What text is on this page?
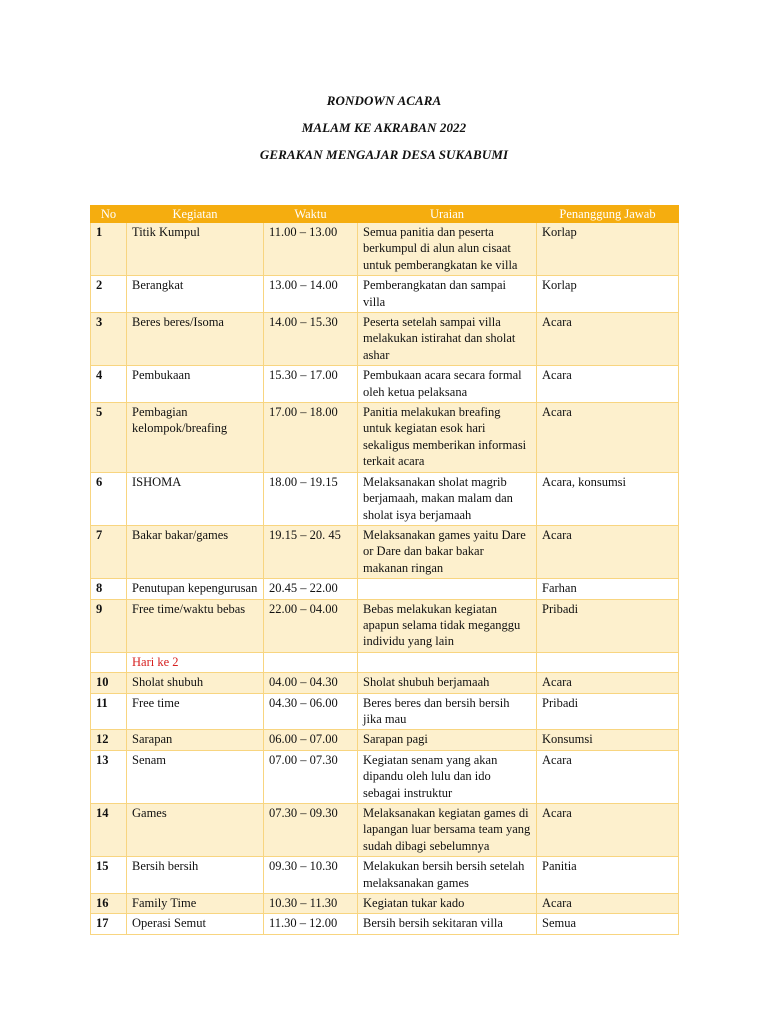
RONDOWN ACARA
MALAM KE AKRABAN 2022
GERAKAN MENGAJAR DESA SUKABUMI
No	Kegiatan	Waktu	Uraian	Penanggung Jawab
1	Titik Kumpul	11.00 – 13.00	Semua panitia dan peserta berkumpul di alun alun cisaat untuk pemberangkatan ke villa	Korlap
2	Berangkat	13.00 – 14.00	Pemberangkatan dan sampai villa	Korlap
3	Beres beres/Isoma	14.00 – 15.30	Peserta setelah sampai villa melakukan istirahat dan sholat ashar	Acara
4	Pembukaan	15.30 – 17.00	Pembukaan acara secara formal oleh ketua pelaksana	Acara
5	Pembagian kelompok/breafing	17.00 – 18.00	Panitia melakukan breafing untuk kegiatan esok hari sekaligus memberikan informasi terkait acara	Acara
6	ISHOMA	18.00 – 19.15	Melaksanakan sholat magrib berjamaah, makan malam dan sholat isya berjamaah	Acara, konsumsi
7	Bakar bakar/games	19.15 – 20. 45	Melaksanakan games yaitu Dare or Dare dan bakar bakar makanan ringan	Acara
8	Penutupan kepengurusan	20.45 – 22.00		Farhan
9	Free time/waktu bebas	22.00 – 04.00	Bebas melakukan kegiatan apapun selama tidak meganggu individu yang lain	Pribadi
	Hari ke 2			
10	Sholat shubuh	04.00 – 04.30	Sholat shubuh berjamaah	Acara
11	Free time	04.30 – 06.00	Beres beres dan bersih bersih jika mau	Pribadi
12	Sarapan	06.00 – 07.00	Sarapan pagi	Konsumsi
13	Senam	07.00 – 07.30	Kegiatan senam yang akan dipandu oleh lulu dan ido sebagai instruktur	Acara
14	Games	07.30 – 09.30	Melaksanakan kegiatan games di lapangan luar bersama team yang sudah dibagi sebelumnya	Acara
15	Bersih bersih	09.30 – 10.30	Melakukan bersih bersih setelah melaksanakan games	Panitia
16	Family Time	10.30 – 11.30	Kegiatan tukar kado	Acara
17	Operasi Semut	11.30 – 12.00	Bersih bersih sekitaran villa	Semua
